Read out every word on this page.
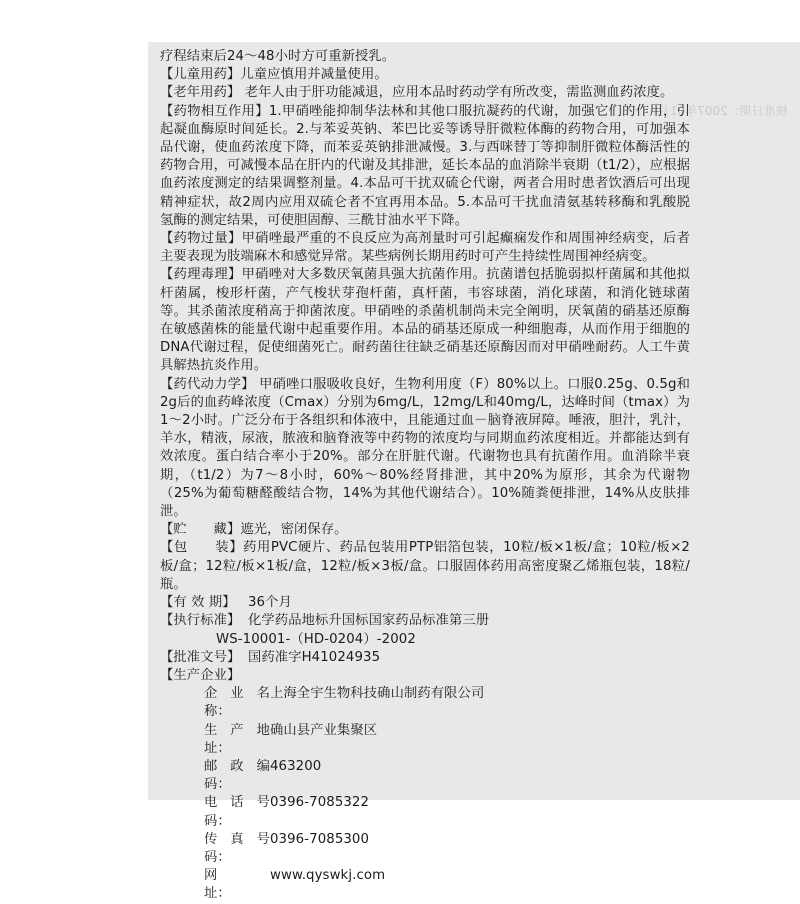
核准日期：2007年01月

疗程结束后24～48小时方可重新授乳。

【儿童用药】儿童应慎用并减量使用。

【老年用药】 老年人由于肝功能减退，应用本品时药动学有所改变，需监测血药浓度。

【药物相互作用】1.甲硝唑能抑制华法林和其他口服抗凝药的代谢，加强它们的作用，引起凝血酶原时间延长。2.与苯妥英钠、苯巴比妥等诱导肝微粒体酶的药物合用，可加强本品代谢，使血药浓度下降，而苯妥英钠排泄减慢。3.与西咪替丁等抑制肝微粒体酶活性的药物合用，可减慢本品在肝内的代谢及其排泄，延长本品的血消除半衰期（t1/2），应根据血药浓度测定的结果调整剂量。4.本品可干扰双硫仑代谢，两者合用时患者饮酒后可出现精神症状，故2周内应用双硫仑者不宜再用本品。5.本品可干扰血清氨基转移酶和乳酸脱氢酶的测定结果，可使胆固醇、三酰甘油水平下降。

【药物过量】甲硝唑最严重的不良反应为高剂量时可引起癫痫发作和周围神经病变，后者主要表现为肢端麻木和感觉异常。某些病例长期用药时可产生持续性周围神经病变。

【药理毒理】甲硝唑对大多数厌氧菌具强大抗菌作用。抗菌谱包括脆弱拟杆菌属和其他拟杆菌属，梭形杆菌，产气梭状芽孢杆菌，真杆菌，韦容球菌，消化球菌，和消化链球菌等。其杀菌浓度稍高于抑菌浓度。甲硝唑的杀菌机制尚未完全阐明，厌氧菌的硝基还原酶在敏感菌株的能量代谢中起重要作用。本品的硝基还原成一种细胞毒，从而作用于细胞的DNA代谢过程，促使细菌死亡。耐药菌往往缺乏硝基还原酶因而对甲硝唑耐药。人工牛黄具解热抗炎作用。

【药代动力学】 甲硝唑口服吸收良好，生物利用度（F）80%以上。口服0.25g、0.5g和2g后的血药峰浓度（Cmax）分别为6mg/L，12mg/L和40mg/L，达峰时间（tmax）为1～2小时。广泛分布于各组织和体液中，且能通过血－脑脊液屏障。唾液，胆汁，乳汁，羊水，精液，尿液，脓液和脑脊液等中药物的浓度均与同期血药浓度相近。并都能达到有效浓度。蛋白结合率小于20%。部分在肝脏代谢。代谢物也具有抗菌作用。血消除半衰期，（t1/2）为7～8小时，60%～80%经肾排泄，其中20%为原形，其余为代谢物（25%为葡萄糖醛酸结合物，14%为其他代谢结合）。10%随粪便排泄，14%从皮肤排泄。

【贮　　藏】遮光，密闭保存。

【包　　装】药用PVC硬片、药品包装用PTP铝箔包装，10粒/板×1板/盒；10粒/板×2板/盒；12粒/板×1板/盒，12粒/板×3板/盒。口服固体药用高密度聚乙烯瓶包装，18粒/瓶。

【有 效 期】 36个月
【执行标准】 化学药品地标升国标国家药品标准第三册

WS-10001-（HD-0204）-2002

【批准文号】 国药准字H41024935

【生产企业】

企业名称：
上海全宇生物科技确山制药有限公司
生产地址：
确山县产业集聚区
邮政编码：
463200
电话号码：
0396-7085322
传真号码：
0396-7085300
网　　址：
www.qyswkj.com
